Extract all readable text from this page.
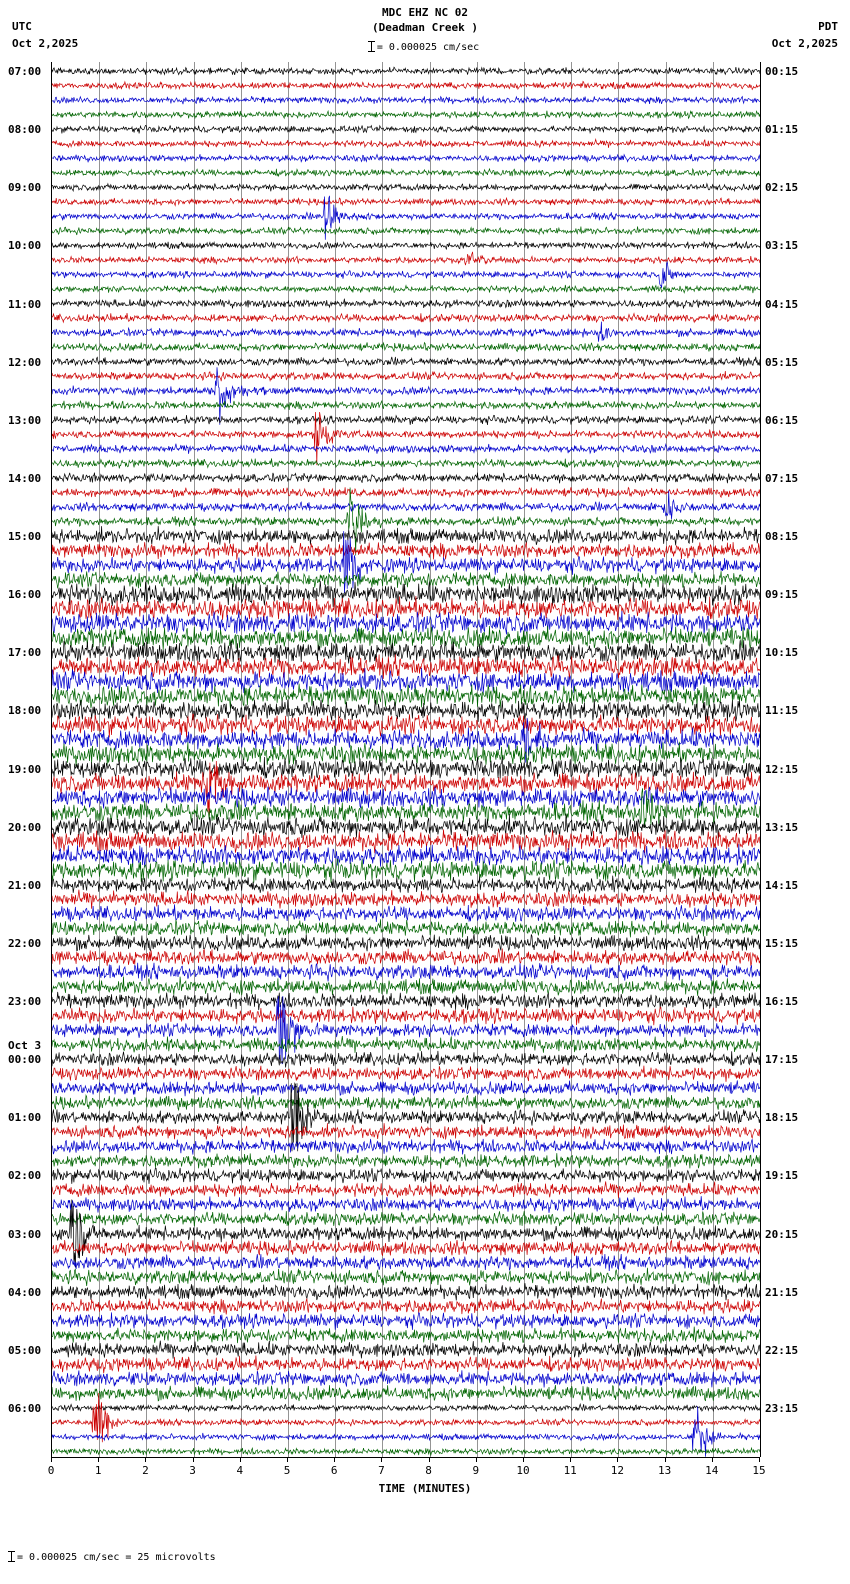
UTC
Oct 2,2025
PDT
Oct 2,2025
MDC EHZ NC 02
(Deadman Creek )
= 0.000025 cm/sec
TIME (MINUTES)
= 0.000025 cm/sec = 25 microvolts
0	1	2	3	4	5	6	7	8	9	10	11	12	13	14	15
07:00
08:00
09:00
10:00
11:00
12:00
13:00
14:00
15:00
16:00
17:00
18:00
19:00
20:00
21:00
22:00
23:00
Oct 3
00:00
01:00
02:00
03:00
04:00
05:00
06:00
00:15
01:15
02:15
03:15
04:15
05:15
06:15
07:15
08:15
09:15
10:15
11:15
12:15
13:15
14:15
15:15
16:15
17:15
18:15
19:15
20:15
21:15
22:15
23:15
